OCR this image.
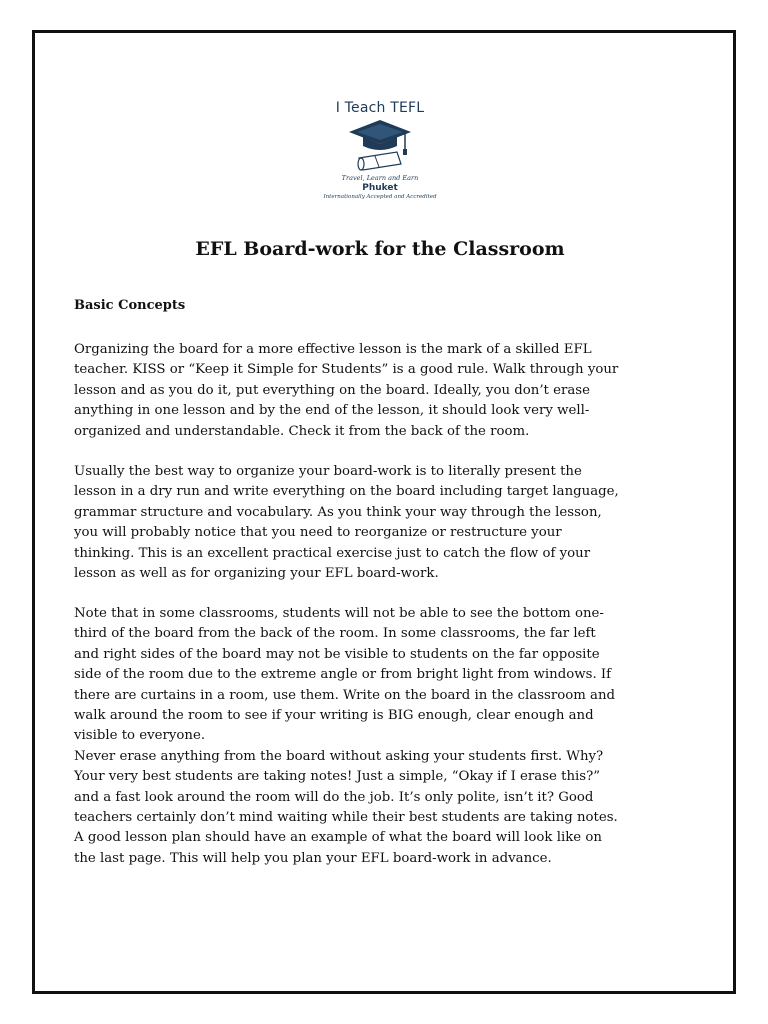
I Teach TEFL
Travel, Learn and Earn
Phuket
Internationally Accepted and Accredited
EFL Board-work for the Classroom
Basic Concepts

Organizing the board for a more effective lesson is the mark of a skilled EFL
teacher. KISS or “Keep it Simple for Students” is a good rule. Walk through your
lesson and as you do it, put everything on the board. Ideally, you don’t erase
anything in one lesson and by the end of the lesson, it should look very well-
organized and understandable. Check it from the back of the room.

Usually the best way to organize your board-work is to literally present the
lesson in a dry run and write everything on the board including target language,
grammar structure and vocabulary. As you think your way through the lesson,
you will probably notice that you need to reorganize or restructure your
thinking. This is an excellent practical exercise just to catch the flow of your
lesson as well as for organizing your EFL board-work.

Note that in some classrooms, students will not be able to see the bottom one-
third of the board from the back of the room. In some classrooms, the far left
and right sides of the board may not be visible to students on the far opposite
side of the room due to the extreme angle or from bright light from windows. If
there are curtains in a room, use them. Write on the board in the classroom and
walk around the room to see if your writing is BIG enough, clear enough and
visible to everyone.
Never erase anything from the board without asking your students first. Why?
Your very best students are taking notes! Just a simple, “Okay if I erase this?”
and a fast look around the room will do the job. It’s only polite, isn’t it? Good
teachers certainly don’t mind waiting while their best students are taking notes.
A good lesson plan should have an example of what the board will look like on
the last page. This will help you plan your EFL board-work in advance.
